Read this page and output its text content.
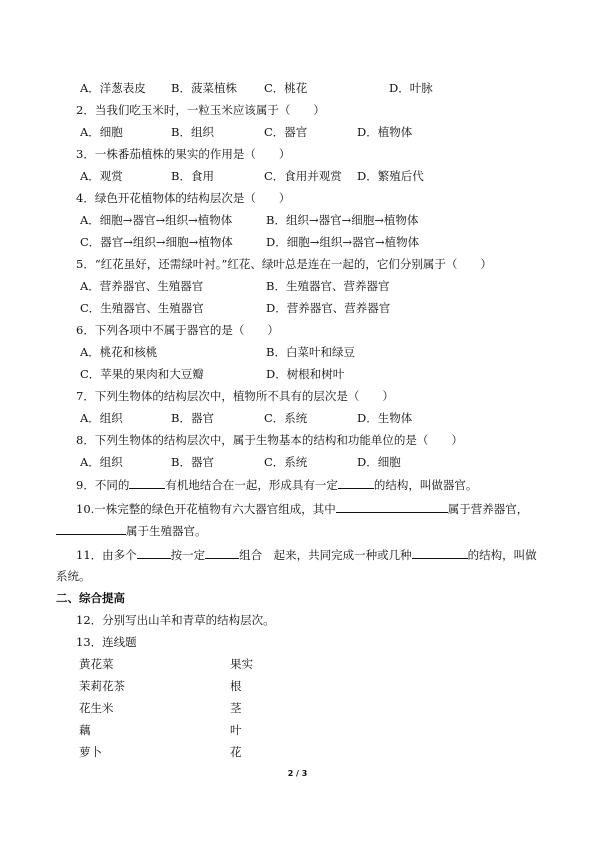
A．洋葱表皮 B．菠菜植株 C．桃花	D．叶脉
2．当我们吃玉米时，一粒玉米应该属于（　　）
A．细胞	B．组织	C．器官	D．植物体
3．一株番茄植株的果实的作用是（　　）
A．观赏	B．食用	C．食用并观赏 D．繁殖后代
4．绿色开花植物体的结构层次是（　　）
A．细胞→器官→组织→植物体	B．组织→器官→细胞→植物体
C．器官→组织→细胞→植物体	D．细胞→组织→器官→植物体
5．“红花虽好，还需绿叶衬。”红花、绿叶总是连在一起的，它们分别属于（　　）
A．营养器官、生殖器官	B．生殖器官、营养器官
C．生殖器官、生殖器官	D．营养器官、营养器官
6．下列各项中不属于器官的是（　　）
A．桃花和核桃	B．白菜叶和绿豆
C．苹果的果肉和大豆瓣	D．树根和树叶
7．下列生物体的结构层次中，植物所不具有的层次是（　　）
A．组织	B．器官	C．系统	D．生物体
8．下列生物体的结构层次中，属于生物基本的结构和功能单位的是（　　）
A．组织	B．器官	C．系统	D．细胞
9．不同的	有机地结合在一起，形成具有一定	的结构，叫做器官。
10.一株完整的绿色开花植物有六大器官组成，其中	属于营养器官，
属于生殖器官。
11．由多个	按一定	组合　起来，共同完成一种或几种	的结构，叫做
系统。
二、综合提高
12．分别写出山羊和青草的结构层次。
13．连线题
黄花菜	果实
茉莉花茶	根
花生米	茎
藕	叶
萝卜	花
2 / 3
